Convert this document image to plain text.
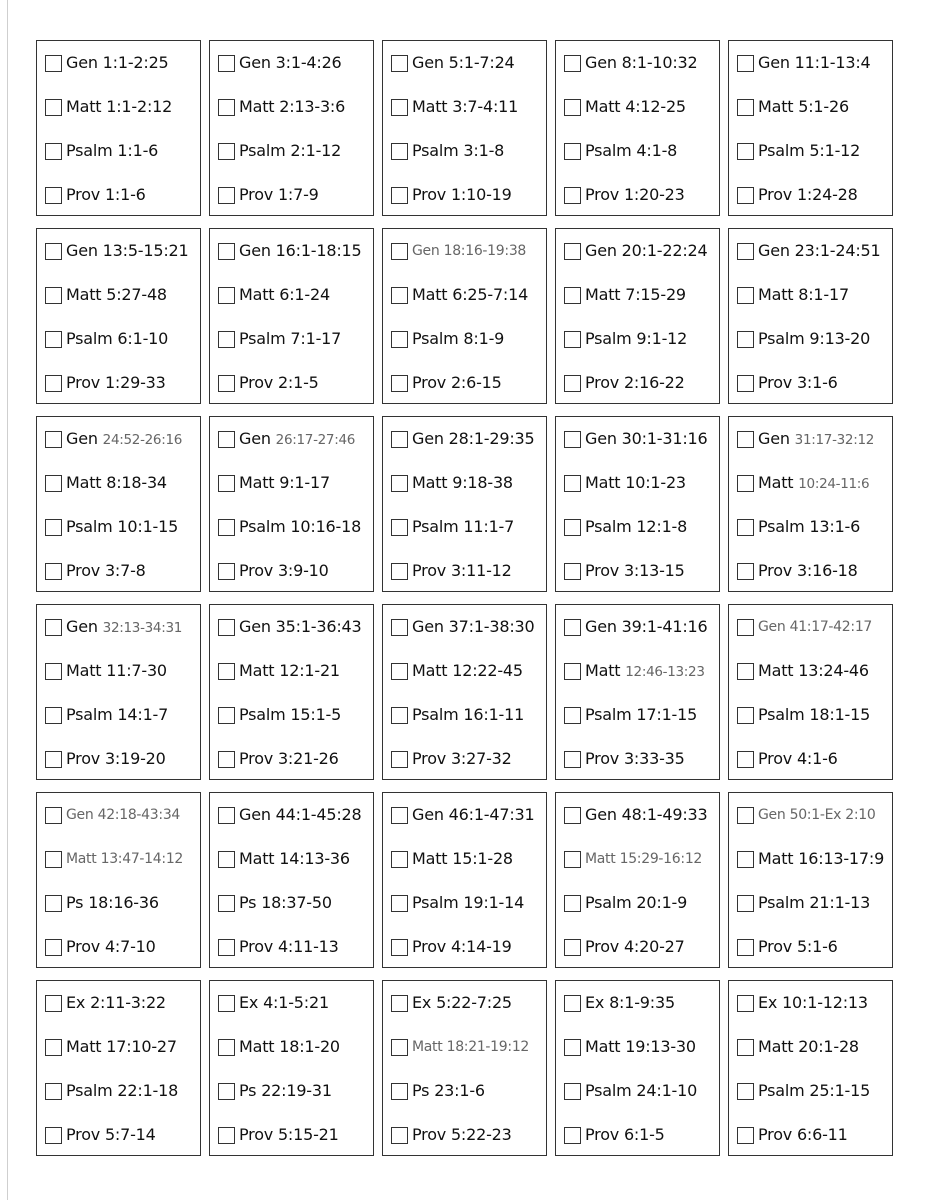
Gen 1:1-2:25
Matt 1:1-2:12
Psalm 1:1-6
Prov 1:1-6
Gen 3:1-4:26
Matt 2:13-3:6
Psalm 2:1-12
Prov 1:7-9
Gen 5:1-7:24
Matt 3:7-4:11
Psalm 3:1-8
Prov 1:10-19
Gen 8:1-10:32
Matt 4:12-25
Psalm 4:1-8
Prov 1:20-23
Gen 11:1-13:4
Matt 5:1-26
Psalm 5:1-12
Prov 1:24-28
Gen 13:5-15:21
Matt 5:27-48
Psalm 6:1-10
Prov 1:29-33
Gen 16:1-18:15
Matt 6:1-24
Psalm 7:1-17
Prov 2:1-5
Gen 18:16-19:38
Matt 6:25-7:14
Psalm 8:1-9
Prov 2:6-15
Gen 20:1-22:24
Matt 7:15-29
Psalm 9:1-12
Prov 2:16-22
Gen 23:1-24:51
Matt 8:1-17
Psalm 9:13-20
Prov 3:1-6
Gen 24:52-26:16
Matt 8:18-34
Psalm 10:1-15
Prov 3:7-8
Gen 26:17-27:46
Matt 9:1-17
Psalm 10:16-18
Prov 3:9-10
Gen 28:1-29:35
Matt 9:18-38
Psalm 11:1-7
Prov 3:11-12
Gen 30:1-31:16
Matt 10:1-23
Psalm 12:1-8
Prov 3:13-15
Gen 31:17-32:12
Matt 10:24-11:6
Psalm 13:1-6
Prov 3:16-18
Gen 32:13-34:31
Matt 11:7-30
Psalm 14:1-7
Prov 3:19-20
Gen 35:1-36:43
Matt 12:1-21
Psalm 15:1-5
Prov 3:21-26
Gen 37:1-38:30
Matt 12:22-45
Psalm 16:1-11
Prov 3:27-32
Gen 39:1-41:16
Matt 12:46-13:23
Psalm 17:1-15
Prov 3:33-35
Gen 41:17-42:17
Matt 13:24-46
Psalm 18:1-15
Prov 4:1-6
Gen 42:18-43:34
Matt 13:47-14:12
Ps 18:16-36
Prov 4:7-10
Gen 44:1-45:28
Matt 14:13-36
Ps 18:37-50
Prov 4:11-13
Gen 46:1-47:31
Matt 15:1-28
Psalm 19:1-14
Prov 4:14-19
Gen 48:1-49:33
Matt 15:29-16:12
Psalm 20:1-9
Prov 4:20-27
Gen 50:1-Ex 2:10
Matt 16:13-17:9
Psalm 21:1-13
Prov 5:1-6
Ex 2:11-3:22
Matt 17:10-27
Psalm 22:1-18
Prov 5:7-14
Ex 4:1-5:21
Matt 18:1-20
Ps 22:19-31
Prov 5:15-21
Ex 5:22-7:25
Matt 18:21-19:12
Ps 23:1-6
Prov 5:22-23
Ex 8:1-9:35
Matt 19:13-30
Psalm 24:1-10
Prov 6:1-5
Ex 10:1-12:13
Matt 20:1-28
Psalm 25:1-15
Prov 6:6-11
